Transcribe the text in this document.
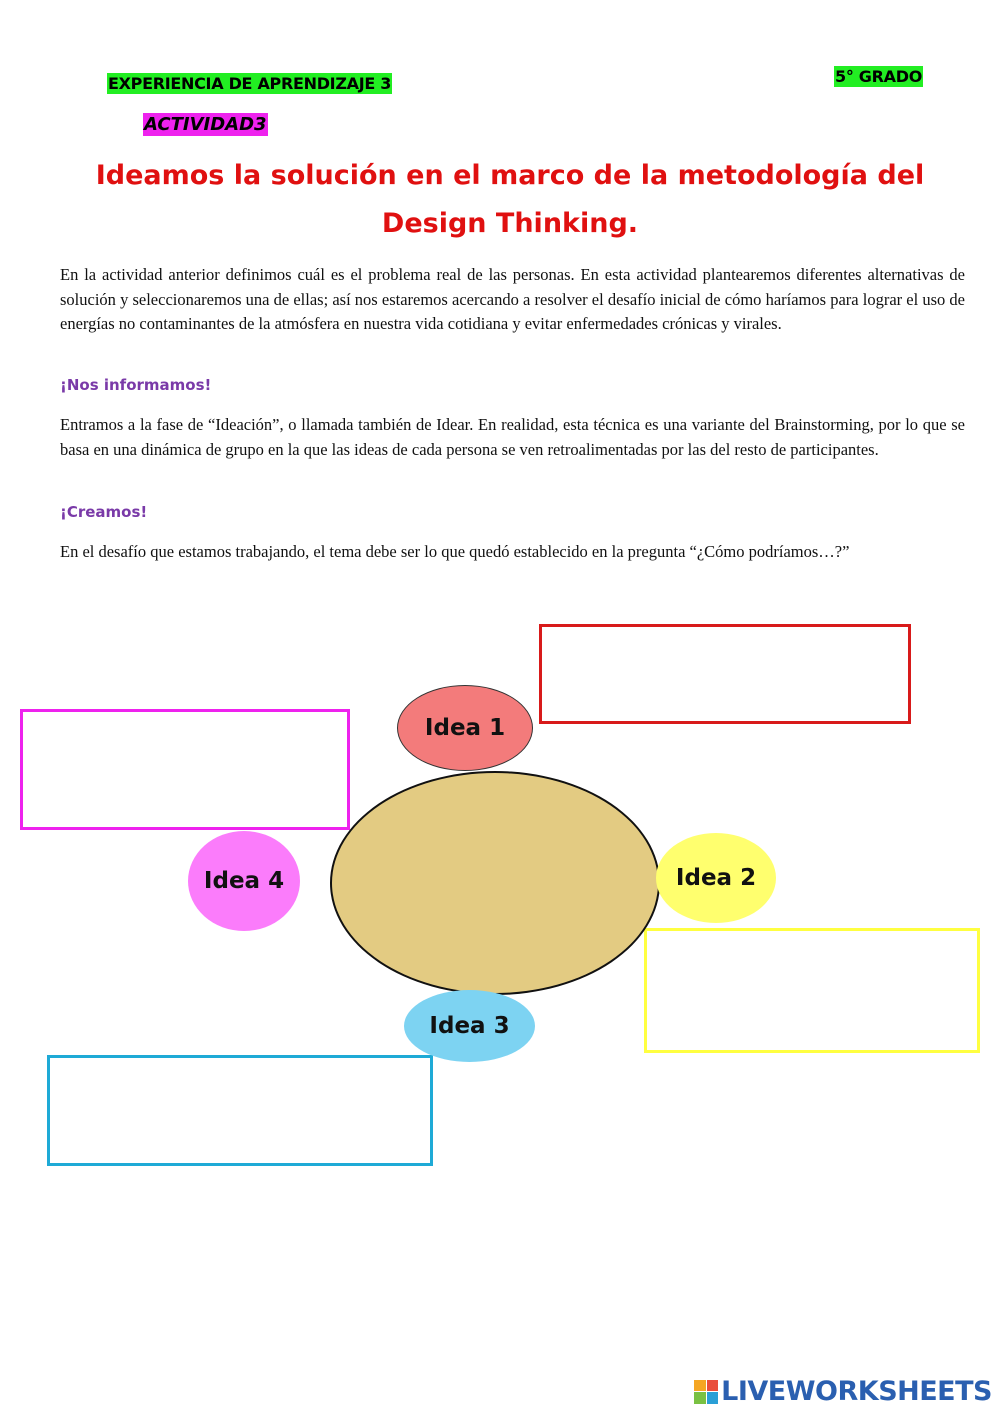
EXPERIENCIA DE APRENDIZAJE 3	5° GRADO
ACTIVIDAD3
Ideamos la solución en el marco de la metodología del Design Thinking.
En la actividad anterior definimos cuál es el problema real de las personas. En esta actividad plantearemos diferentes alternativas de solución y seleccionaremos una de ellas; así nos estaremos acercando a resolver el desafío inicial de cómo haríamos para lograr el uso de energías no contaminantes de la atmósfera en nuestra vida cotidiana y evitar enfermedades crónicas y virales.
¡Nos informamos!
Entramos a la fase de “Ideación”, o llamada también de Idear. En realidad, esta técnica es una variante del Brainstorming, por lo que se basa en una dinámica de grupo en la que las ideas de cada persona se ven retroalimentadas por las del resto de participantes.
¡Creamos!
En el desafío que estamos trabajando, el tema debe ser lo que quedó establecido en la pregunta “¿Cómo podríamos…?”
Idea 1
Idea 2
Idea 3
Idea 4
LIVEWORKSHEETS
